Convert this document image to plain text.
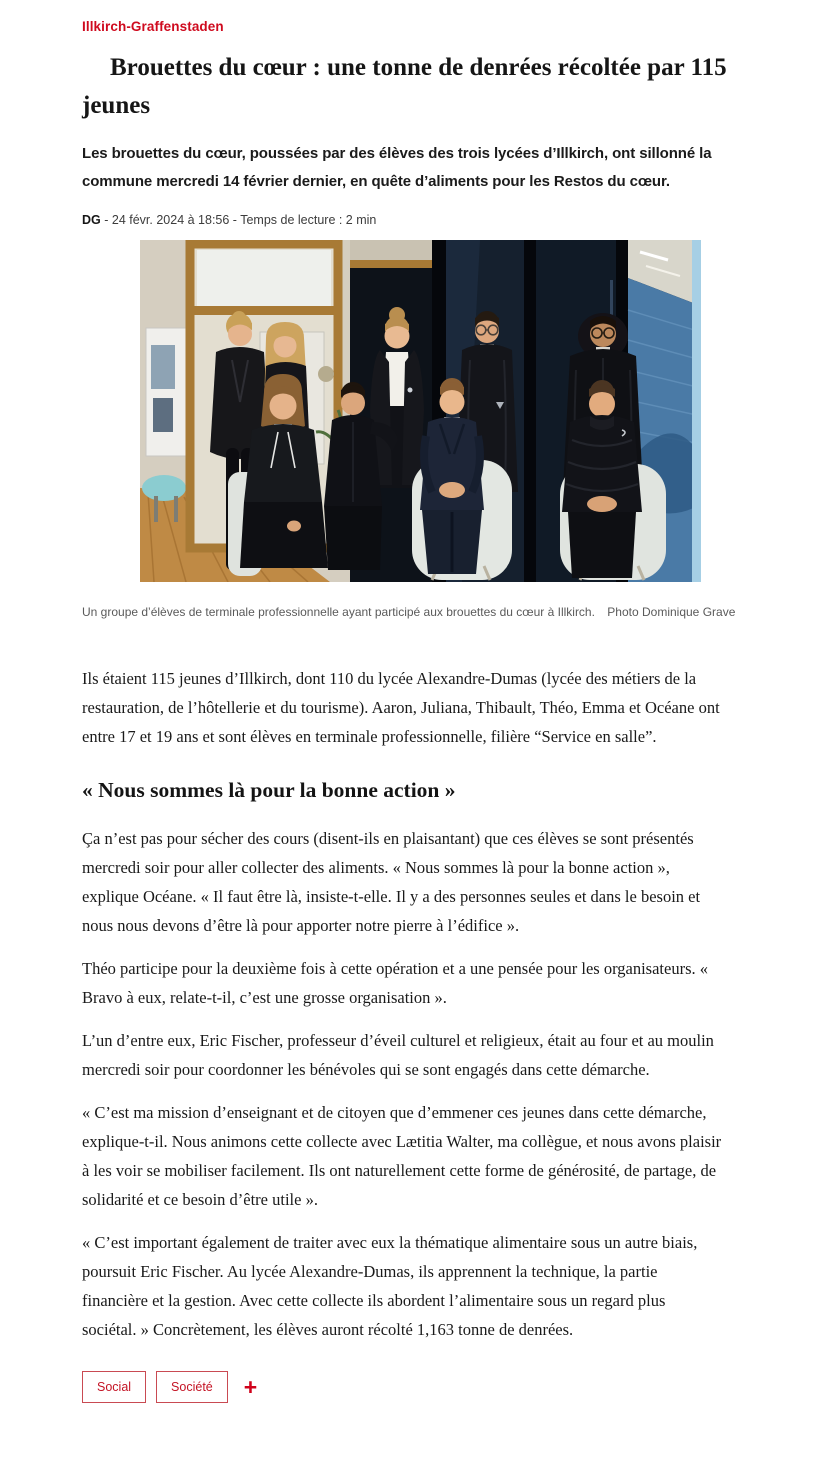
Illkirch-Graffenstaden
Brouettes du cœur : une tonne de denrées récoltée par 115 jeunes

Les brouettes du cœur, poussées par des élèves des trois lycées d’Illkirch, ont sillonné la commune mercredi 14 février dernier, en quête d’aliments pour les Restos du cœur.

DG - 24 févr. 2024 à 18:56 - Temps de lecture : 2 min
Un groupe d’élèves de terminale professionnelle ayant participé aux brouettes du cœur à Illkirch. Photo Dominique Grave

Ils étaient 115 jeunes d’Illkirch, dont 110 du lycée Alexandre-Dumas (lycée des métiers de la restauration, de l’hôtellerie et du tourisme). Aaron, Juliana, Thibault, Théo, Emma et Océane ont entre 17 et 19 ans et sont élèves en terminale professionnelle, filière “Service en salle”.

« Nous sommes là pour la bonne action »

Ça n’est pas pour sécher des cours (disent-ils en plaisantant) que ces élèves se sont présentés mercredi soir pour aller collecter des aliments. « Nous sommes là pour la bonne action », explique Océane. « Il faut être là, insiste-t-elle. Il y a des personnes seules et dans le besoin et nous nous devons d’être là pour apporter notre pierre à l’édifice ».

Théo participe pour la deuxième fois à cette opération et a une pensée pour les organisateurs. « Bravo à eux, relate-t-il, c’est une grosse organisation ».

L’un d’entre eux, Eric Fischer, professeur d’éveil culturel et religieux, était au four et au moulin mercredi soir pour coordonner les bénévoles qui se sont engagés dans cette démarche.

« C’est ma mission d’enseignant et de citoyen que d’emmener ces jeunes dans cette démarche, explique-t-il. Nous animons cette collecte avec Lætitia Walter, ma collègue, et nous avons plaisir à les voir se mobiliser facilement. Ils ont naturellement cette forme de générosité, de partage, de solidarité et ce besoin d’être utile ».

« C’est important également de traiter avec eux la thématique alimentaire sous un autre biais, poursuit Eric Fischer. Au lycée Alexandre-Dumas, ils apprennent la technique, la partie financière et la gestion. Avec cette collecte ils abordent l’alimentaire sous un regard plus sociétal. » Concrètement, les élèves auront récolté 1,163 tonne de denrées.

Social	Société	+
